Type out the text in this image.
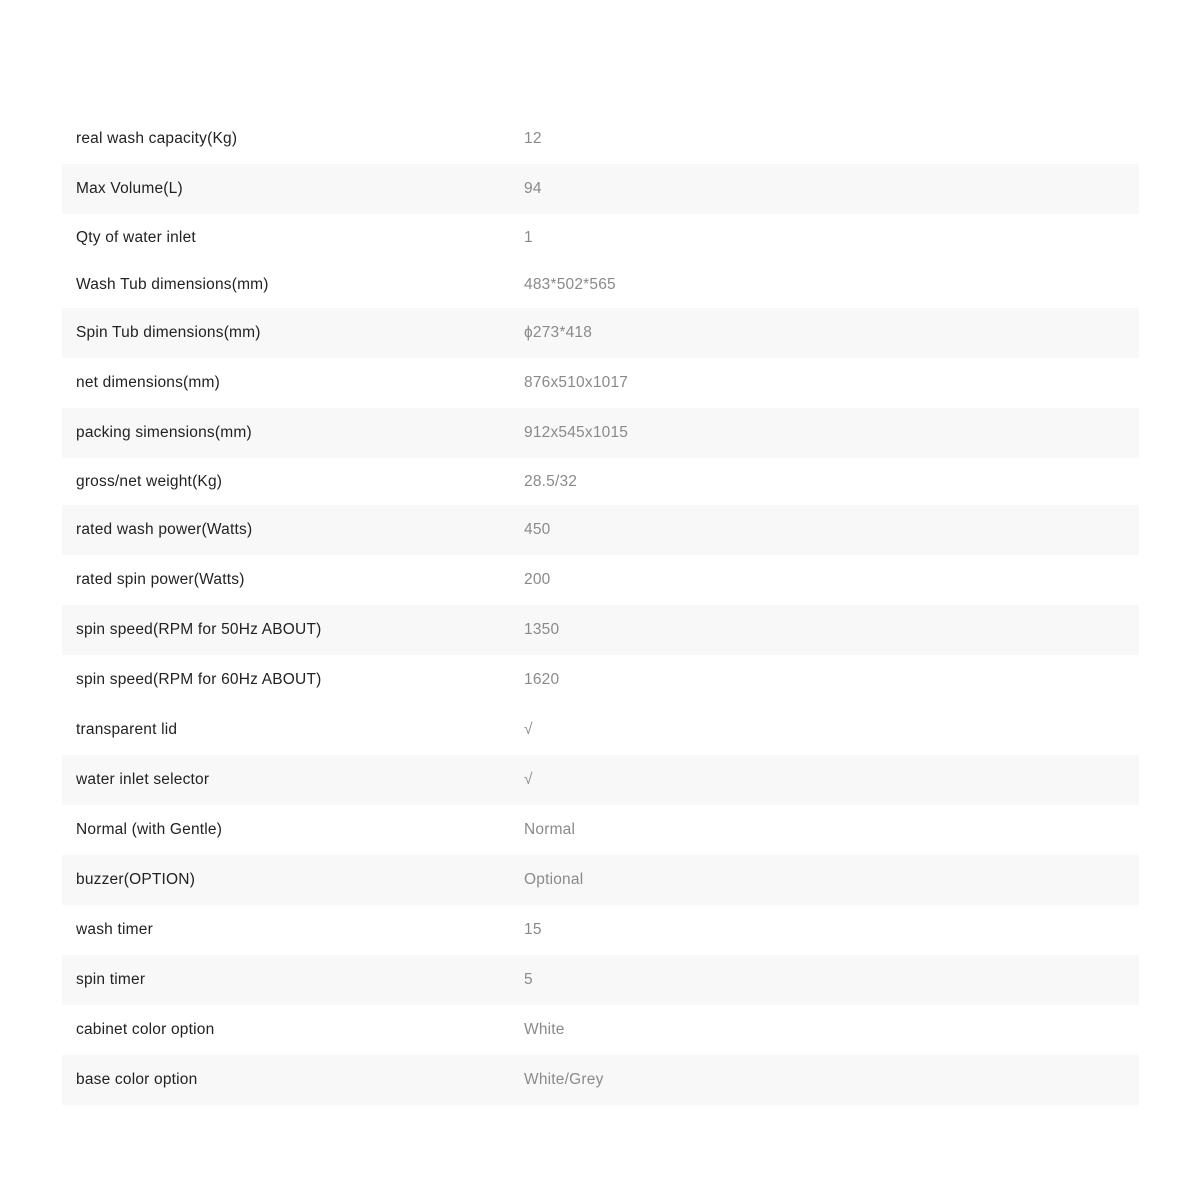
real wash capacity(Kg)	12
Max Volume(L)	94
Qty of water inlet	1
Wash Tub dimensions(mm)	483*502*565
Spin Tub dimensions(mm)	ϕ273*418
net dimensions(mm)	876x510x1017
packing simensions(mm)	912x545x1015
gross/net weight(Kg)	28.5/32
rated wash power(Watts)	450
rated spin power(Watts)	200
spin speed(RPM for 50Hz ABOUT)	1350
spin speed(RPM for 60Hz ABOUT)	1620
transparent lid	√
water inlet selector	√
Normal (with Gentle)	Normal
buzzer(OPTION)	Optional
wash timer	15
spin timer	5
cabinet color option	White
base color option	White/Grey
